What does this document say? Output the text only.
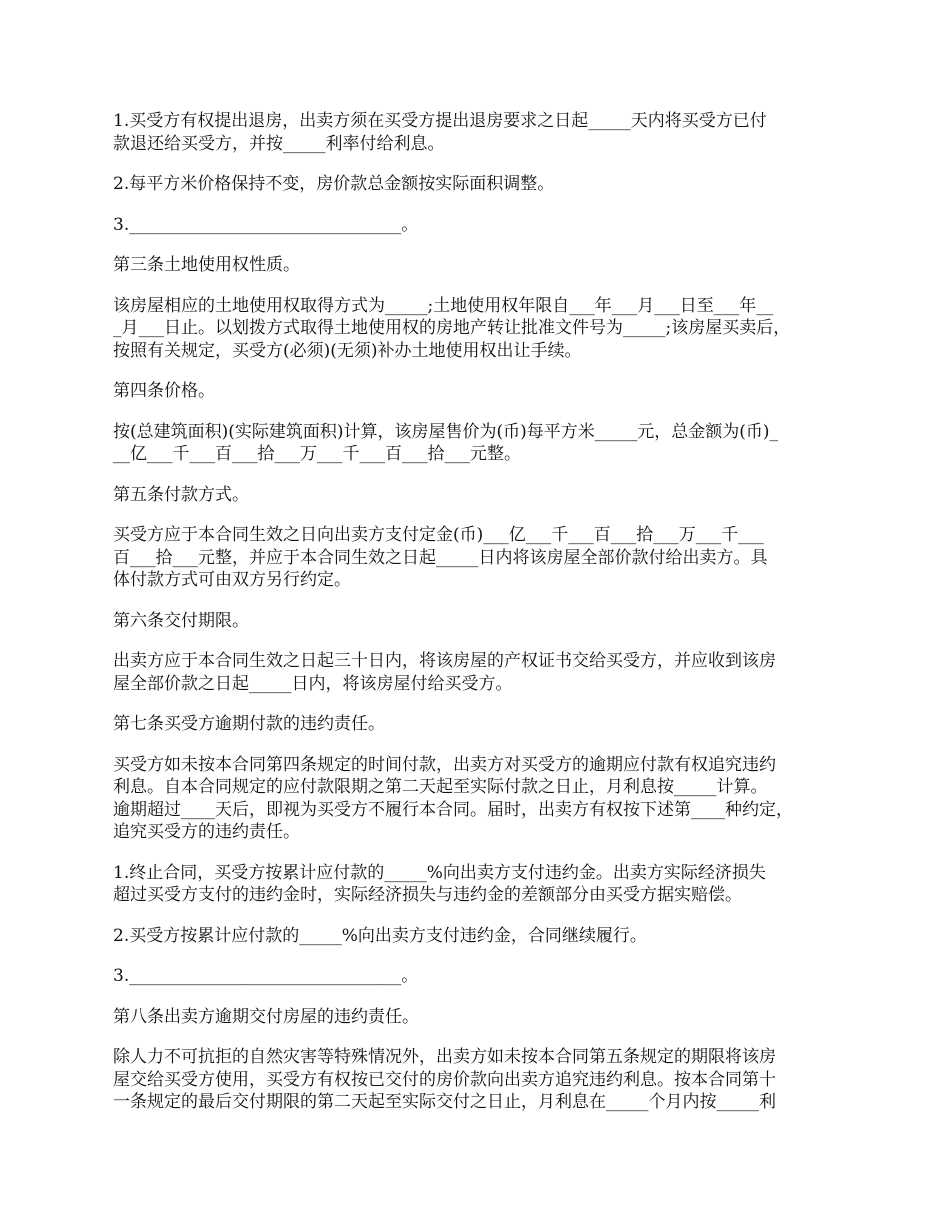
1.买受方有权提出退房，出卖方须在买受方提出退房要求之日起_____天内将买受方已付
款退还给买受方，并按_____利率付给利息。

2.每平方米价格保持不变，房价款总金额按实际面积调整。

3.________________________________。

第三条土地使用权性质。

该房屋相应的土地使用权取得方式为_____;土地使用权年限自___年___月___日至___年__
_月___日止。以划拨方式取得土地使用权的房地产转让批准文件号为_____;该房屋买卖后，
按照有关规定，买受方(必须)(无须)补办土地使用权出让手续。

第四条价格。

按(总建筑面积)(实际建筑面积)计算，该房屋售价为(币)每平方米_____元，总金额为(币)_
__亿___千___百___拾___万___千___百___拾___元整。

第五条付款方式。

买受方应于本合同生效之日向出卖方支付定金(币)___亿___千___百___拾___万___千___
百___拾___元整，并应于本合同生效之日起_____日内将该房屋全部价款付给出卖方。具
体付款方式可由双方另行约定。

第六条交付期限。

出卖方应于本合同生效之日起三十日内，将该房屋的产权证书交给买受方，并应收到该房
屋全部价款之日起_____日内，将该房屋付给买受方。

第七条买受方逾期付款的违约责任。

买受方如未按本合同第四条规定的时间付款，出卖方对买受方的逾期应付款有权追究违约
利息。自本合同规定的应付款限期之第二天起至实际付款之日止，月利息按_____计算。
逾期超过____天后，即视为买受方不履行本合同。届时，出卖方有权按下述第____种约定，
追究买受方的违约责任。

1.终止合同，买受方按累计应付款的_____%向出卖方支付违约金。出卖方实际经济损失
超过买受方支付的违约金时，实际经济损失与违约金的差额部分由买受方据实赔偿。

2.买受方按累计应付款的_____%向出卖方支付违约金，合同继续履行。

3.________________________________。

第八条出卖方逾期交付房屋的违约责任。

除人力不可抗拒的自然灾害等特殊情况外，出卖方如未按本合同第五条规定的期限将该房
屋交给买受方使用，买受方有权按已交付的房价款向出卖方追究违约利息。按本合同第十
一条规定的最后交付期限的第二天起至实际交付之日止，月利息在_____个月内按_____利
